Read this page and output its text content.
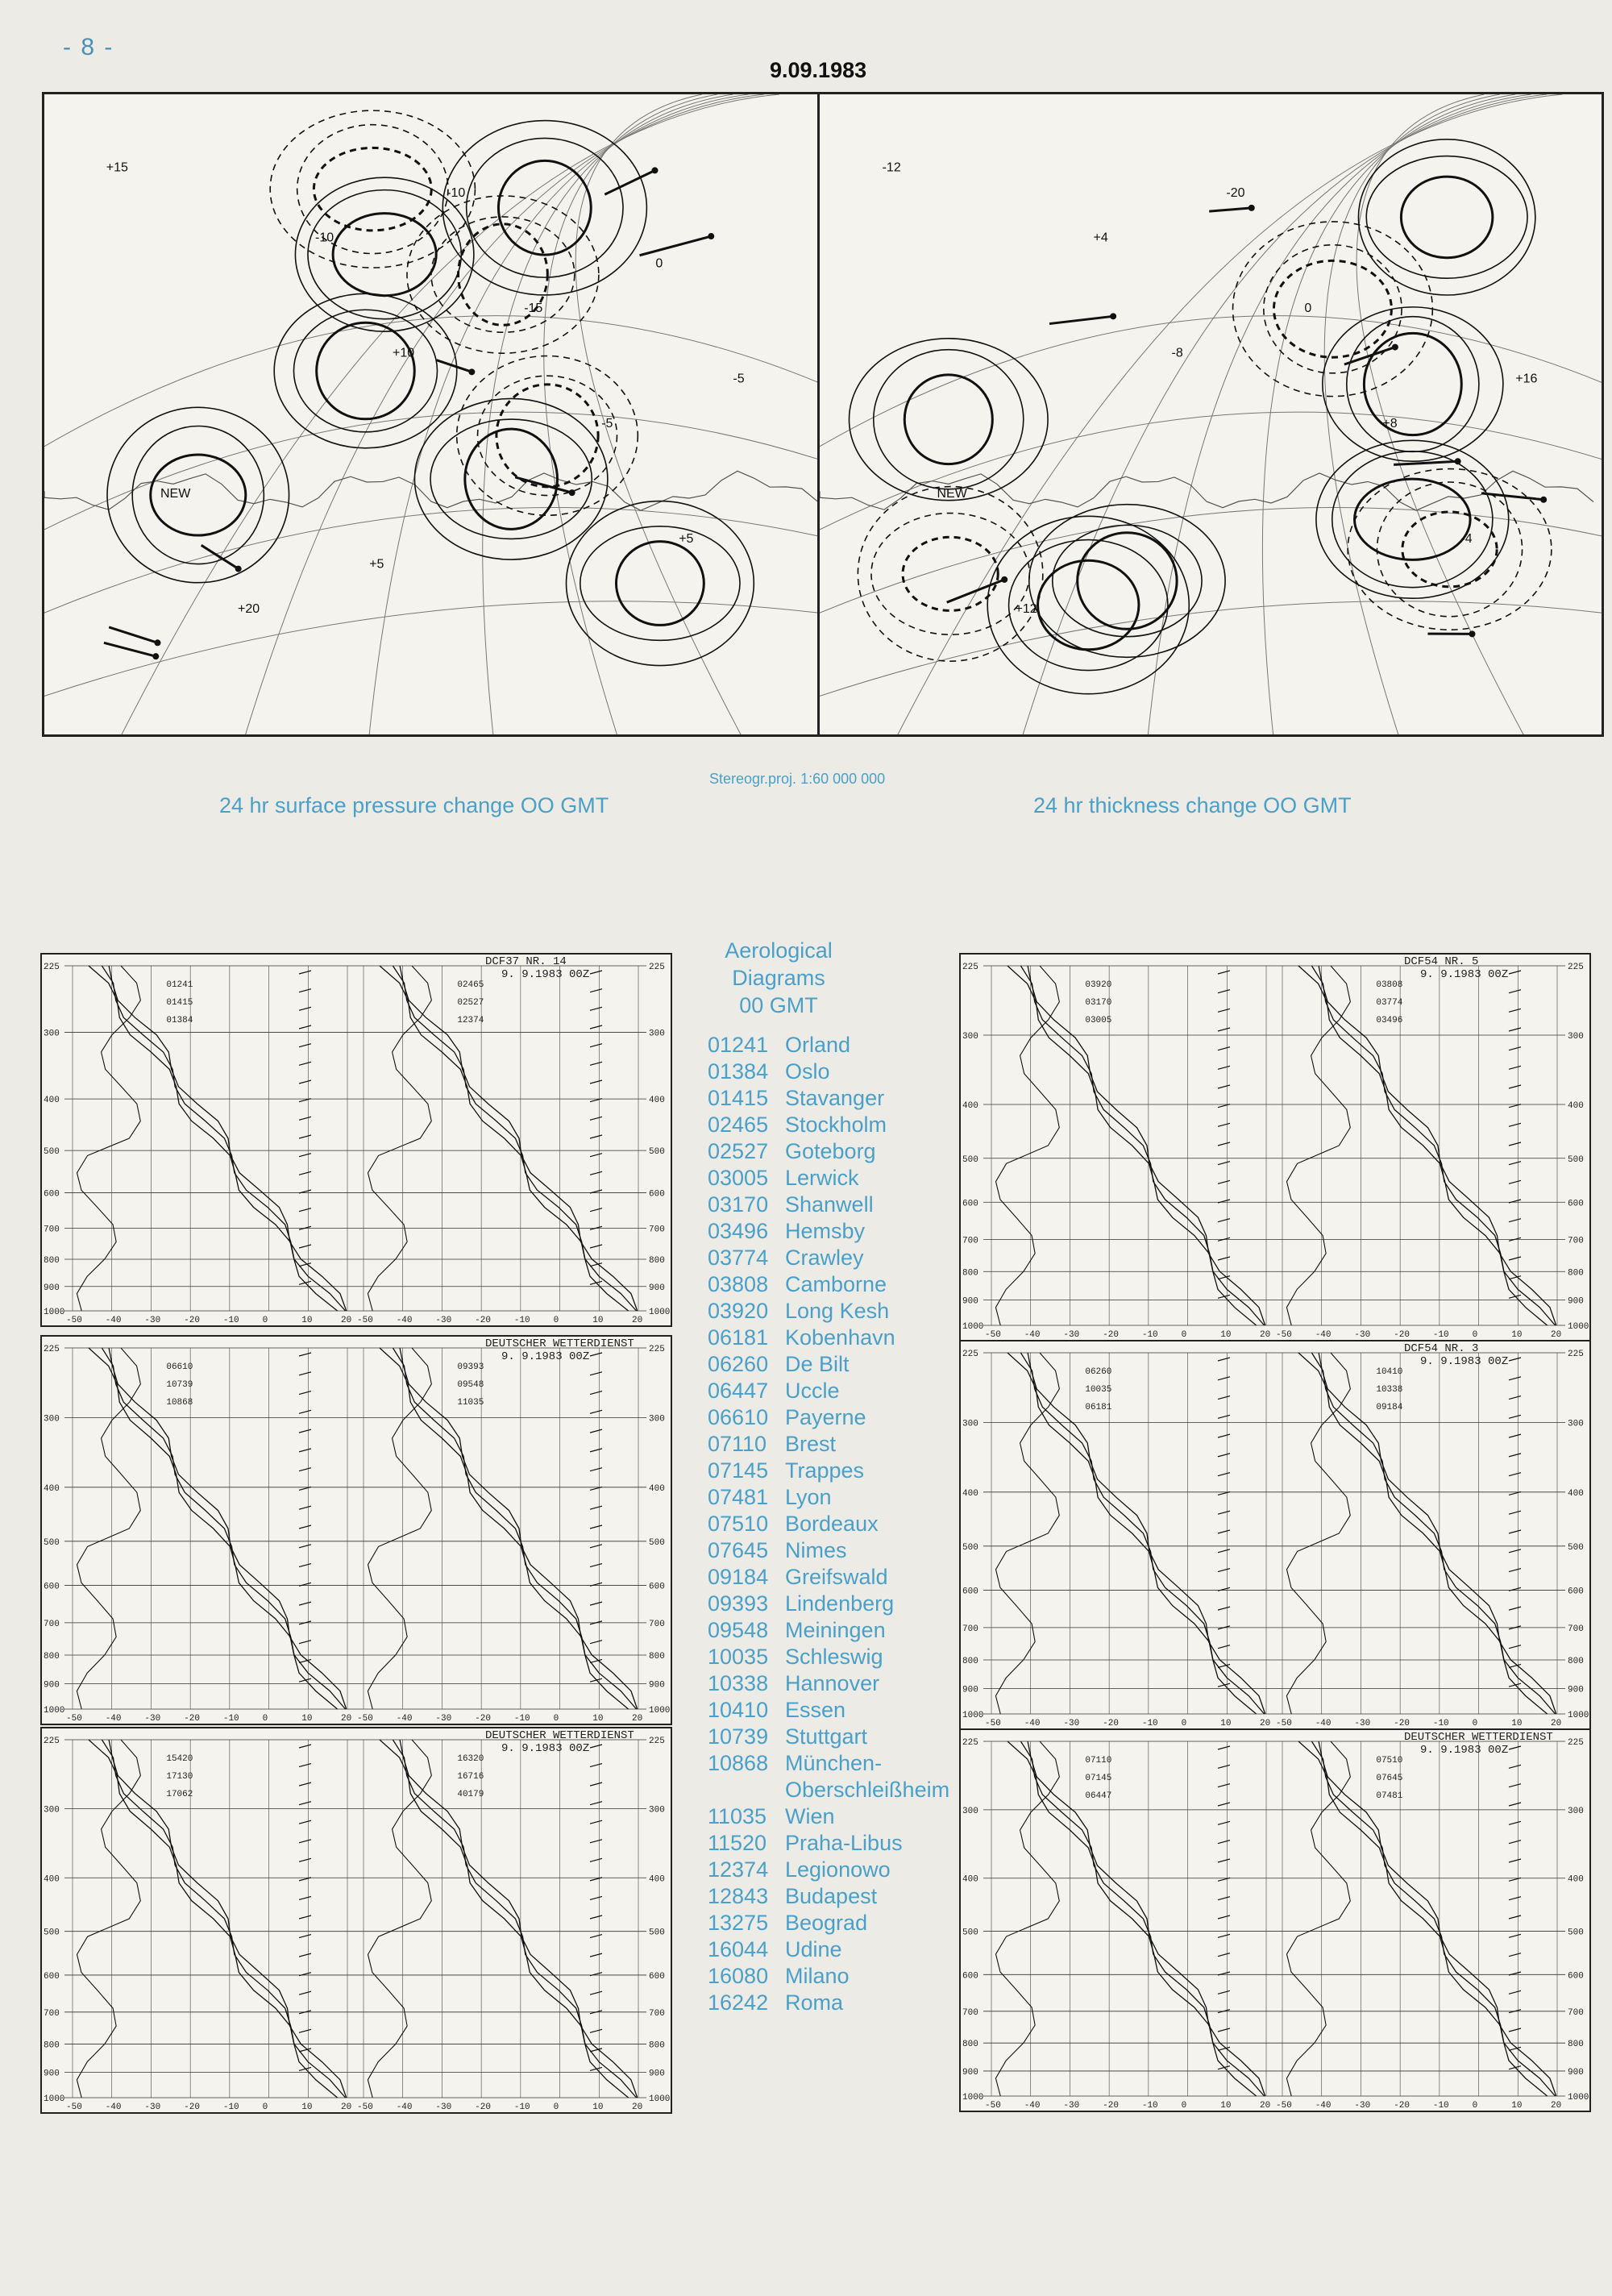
- 8 -
9.09.1983
+15
+10
+5
-10
-5
+20
-15
NEW
-10
-5
+5
0
-12
-8
-4
+4
+8
+12
0
NEW
-20
+16
Stereogr.proj. 1:60 000 000
24 hr surface pressure change OO GMT	24 hr thickness change OO GMT
Aerological
Diagrams
00 GMT
01241 Orland
01384 Oslo
01415 Stavanger
02465 Stockholm
02527 Goteborg
03005 Lerwick
03170 Shanwell
03496 Hemsby
03774 Crawley
03808 Camborne
03920 Long Kesh
06181 Kobenhavn
06260 De Bilt
06447 Uccle
06610 Payerne
07110 Brest
07145 Trappes
07481 Lyon
07510 Bordeaux
07645 Nimes
09184 Greifswald
09393 Lindenberg
09548 Meiningen
10035 Schleswig
10338 Hannover
10410 Essen
10739 Stuttgart
10868 München-
Oberschleißheim
11035 Wien
11520 Praha-Libus
12374 Legionowo
12843 Budapest
13275 Beograd
16044 Udine
16080 Milano
16242 Roma
225	225
300	300
400	400
500	500
600	600
700	700
800	800
900	900
1000	1000
-50	-40	-30	-20	-10	0	10	20 -50	-40	-30	-20	-10	0	10	20
DCF37 NR. 14
9. 9.1983 00Z
01241
01415
01384
02465
02527
12374
225	225
300	300
400	400
500	500
600	600
700	700
800	800
900	900
1000	1000
-50	-40	-30	-20	-10	0	10	20 -50	-40	-30	-20	-10	0	10	20
DEUTSCHER WETTERDIENST
9. 9.1983 00Z
06610
10739
10868
09393
09548
11035
225	225
300	300
400	400
500	500
600	600
700	700
800	800
900	900
1000	1000
-50	-40	-30	-20	-10	0	10	20 -50	-40	-30	-20	-10	0	10	20
DEUTSCHER WETTERDIENST
9. 9.1983 00Z
15420
17130
17062
16320
16716
40179
225	225
300	300
400	400
500	500
600	600
700	700
800	800
900	900
1000	1000
-50	-40	-30	-20	-10	0	10	20 -50	-40	-30	-20	-10	0	10	20
DCF54 NR. 5
9. 9.1983 00Z
03920
03170
03005
03808
03774
03496
225	225
300	300
400	400
500	500
600	600
700	700
800	800
900	900
1000	1000
-50	-40	-30	-20	-10	0	10	20 -50	-40	-30	-20	-10	0	10	20
DCF54 NR. 3
9. 9.1983 00Z
06260
10035
06181
10410
10338
09184
225	225
300	300
400	400
500	500
600	600
700	700
800	800
900	900
1000	1000
-50	-40	-30	-20	-10	0	10	20 -50	-40	-30	-20	-10	0	10	20
DEUTSCHER WETTERDIENST
9. 9.1983 00Z
07110
07145
06447
07510
07645
07481
